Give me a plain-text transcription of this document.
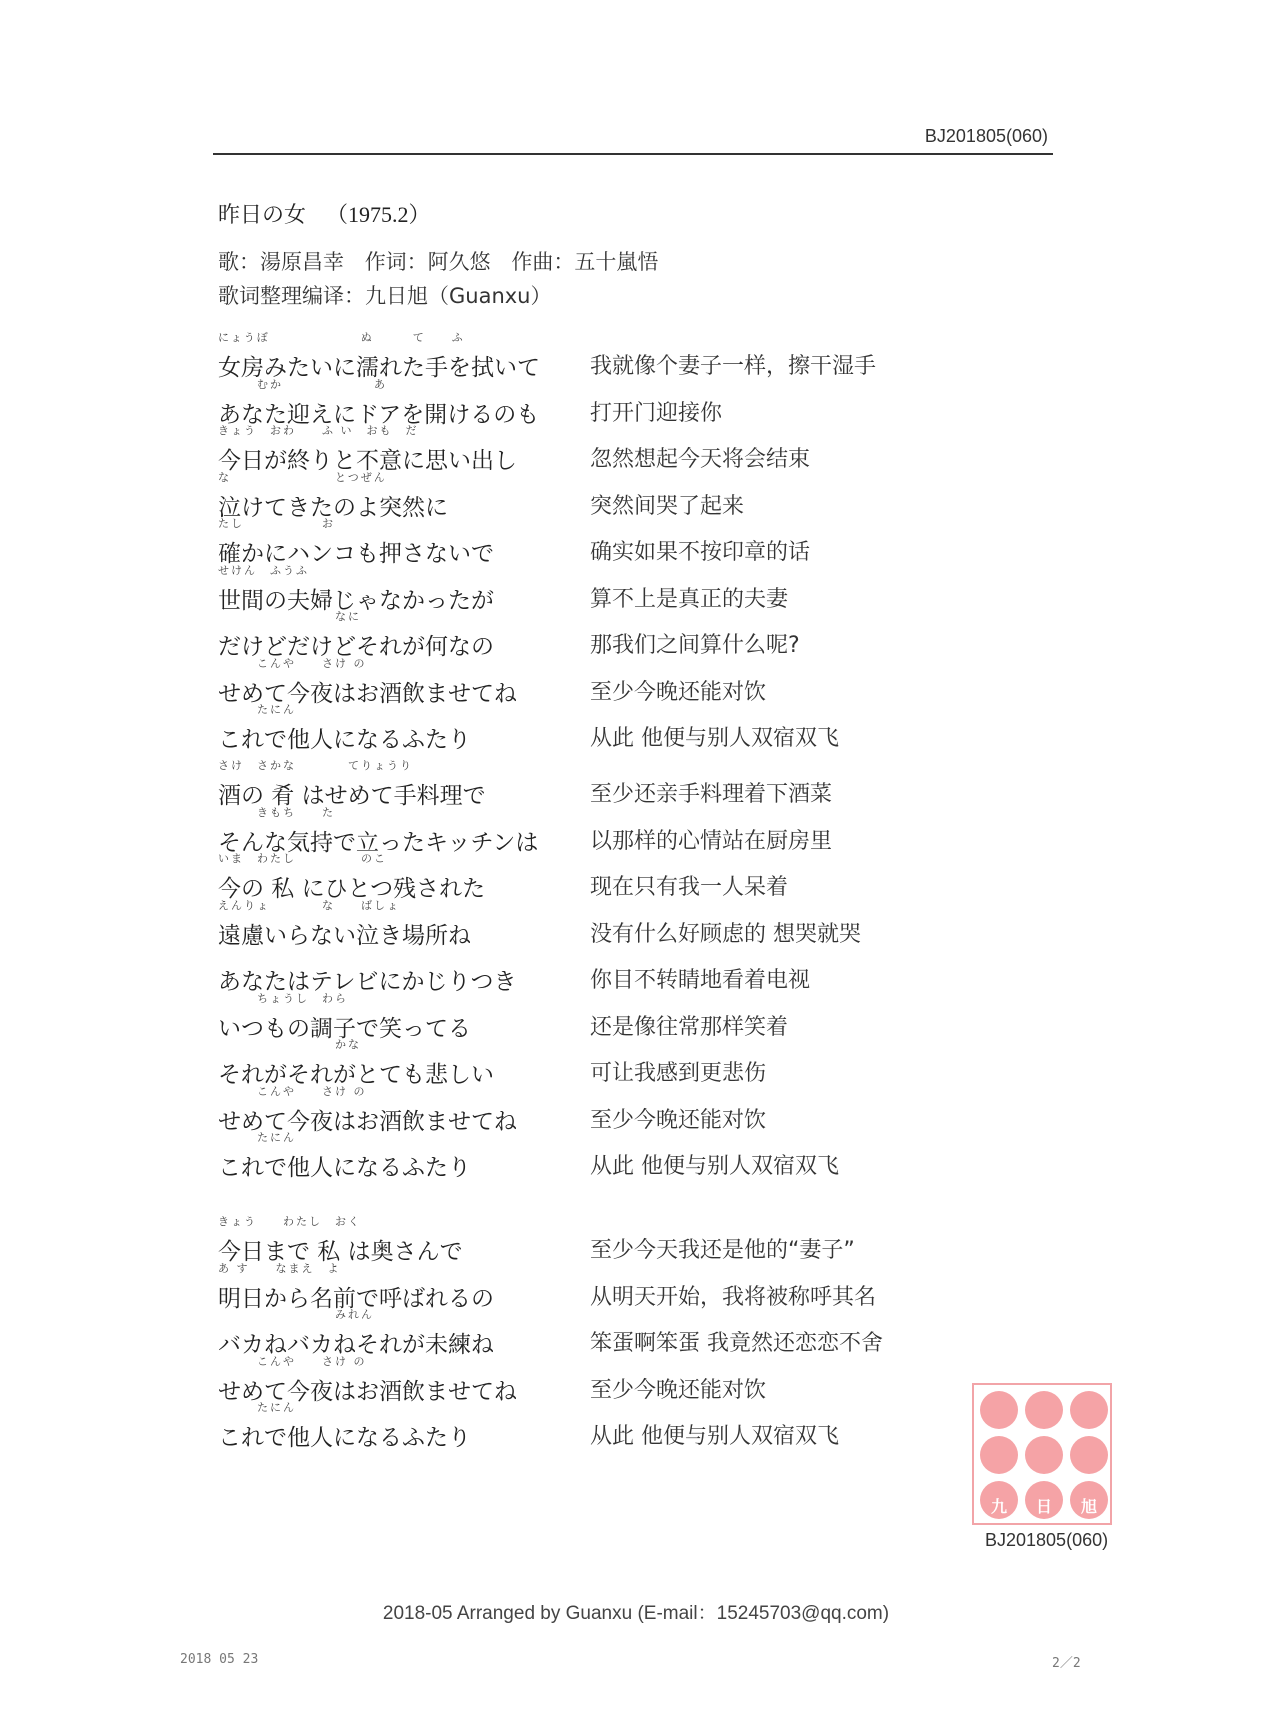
BJ201805(060)
昨日の女 （1975.2）
歌：湯原昌幸 作词：阿久悠 作曲：五十嵐悟
歌词整理编译：九日旭（Guanxu）
にょうぼ　　　　　　　ぬ　　　て　　ふ
女房みたいに濡れた手を拭いて 我就像个妻子一样，擦干湿手
　　　むか　　　　　　　あ
あなた迎えにドアを開けるのも 打开门迎接你
きょう　おわ　　ふ い　おも　だ
今日が終りと不意に思い出し	忽然想起今天将会结束
な　　　　　　　　とつぜん
泣けてきたのよ突然に	突然间哭了起来
たし　　　　　　お
確かにハンコも押さないで	确实如果不按印章的话
せけん　ふうふ
世間の夫婦じゃなかったが	算不上是真正的夫妻
　　　　　　　　　なに
だけどだけどそれが何なの	那我们之间算什么呢?
　　　こんや　　さけ の
せめて今夜はお酒飲ませてね	至少今晚还能对饮
　　　たにん
これで他人になるふたり	从此 他便与别人双宿双飞
さけ　さかな　　　　てりょうり
酒の 肴 はせめて手料理で	至少还亲手料理着下酒菜
　　　きもち　　た
そんな気持で立ったキッチンは 以那样的心情站在厨房里
いま　わたし　　　　　のこ
今の 私 にひとつ残された	现在只有我一人呆着
えんりょ　　　　な　　ばしょ
遠慮いらない泣き場所ね	没有什么好顾虑的 想哭就哭
あなたはテレビにかじりつき	你目不转睛地看着电视
　　　ちょうし　わら
いつもの調子で笑ってる	还是像往常那样笑着
　　　　　　　　　かな
それがそれがとても悲しい	可让我感到更悲伤
　　　こんや　　さけ の
せめて今夜はお酒飲ませてね	至少今晚还能对饮
　　　たにん
これで他人になるふたり	从此 他便与别人双宿双飞
きょう　　わたし　おく
今日まで 私 は奥さんで	至少今天我还是他的“妻子”
あ す　　なまえ　よ
明日から名前で呼ばれるの	从明天开始，我将被称呼其名
　　　　　　　　　みれん
バカねバカねそれが未練ね	笨蛋啊笨蛋 我竟然还恋恋不舍
　　　こんや　　さけ の
せめて今夜はお酒飲ませてね	至少今晚还能对饮
　　　たにん
これで他人になるふたり	从此 他便与别人双宿双飞
九 日 旭
BJ201805(060)
2018-05 Arranged by Guanxu (E-mail：15245703@qq.com)
2018 05 23	2／2
